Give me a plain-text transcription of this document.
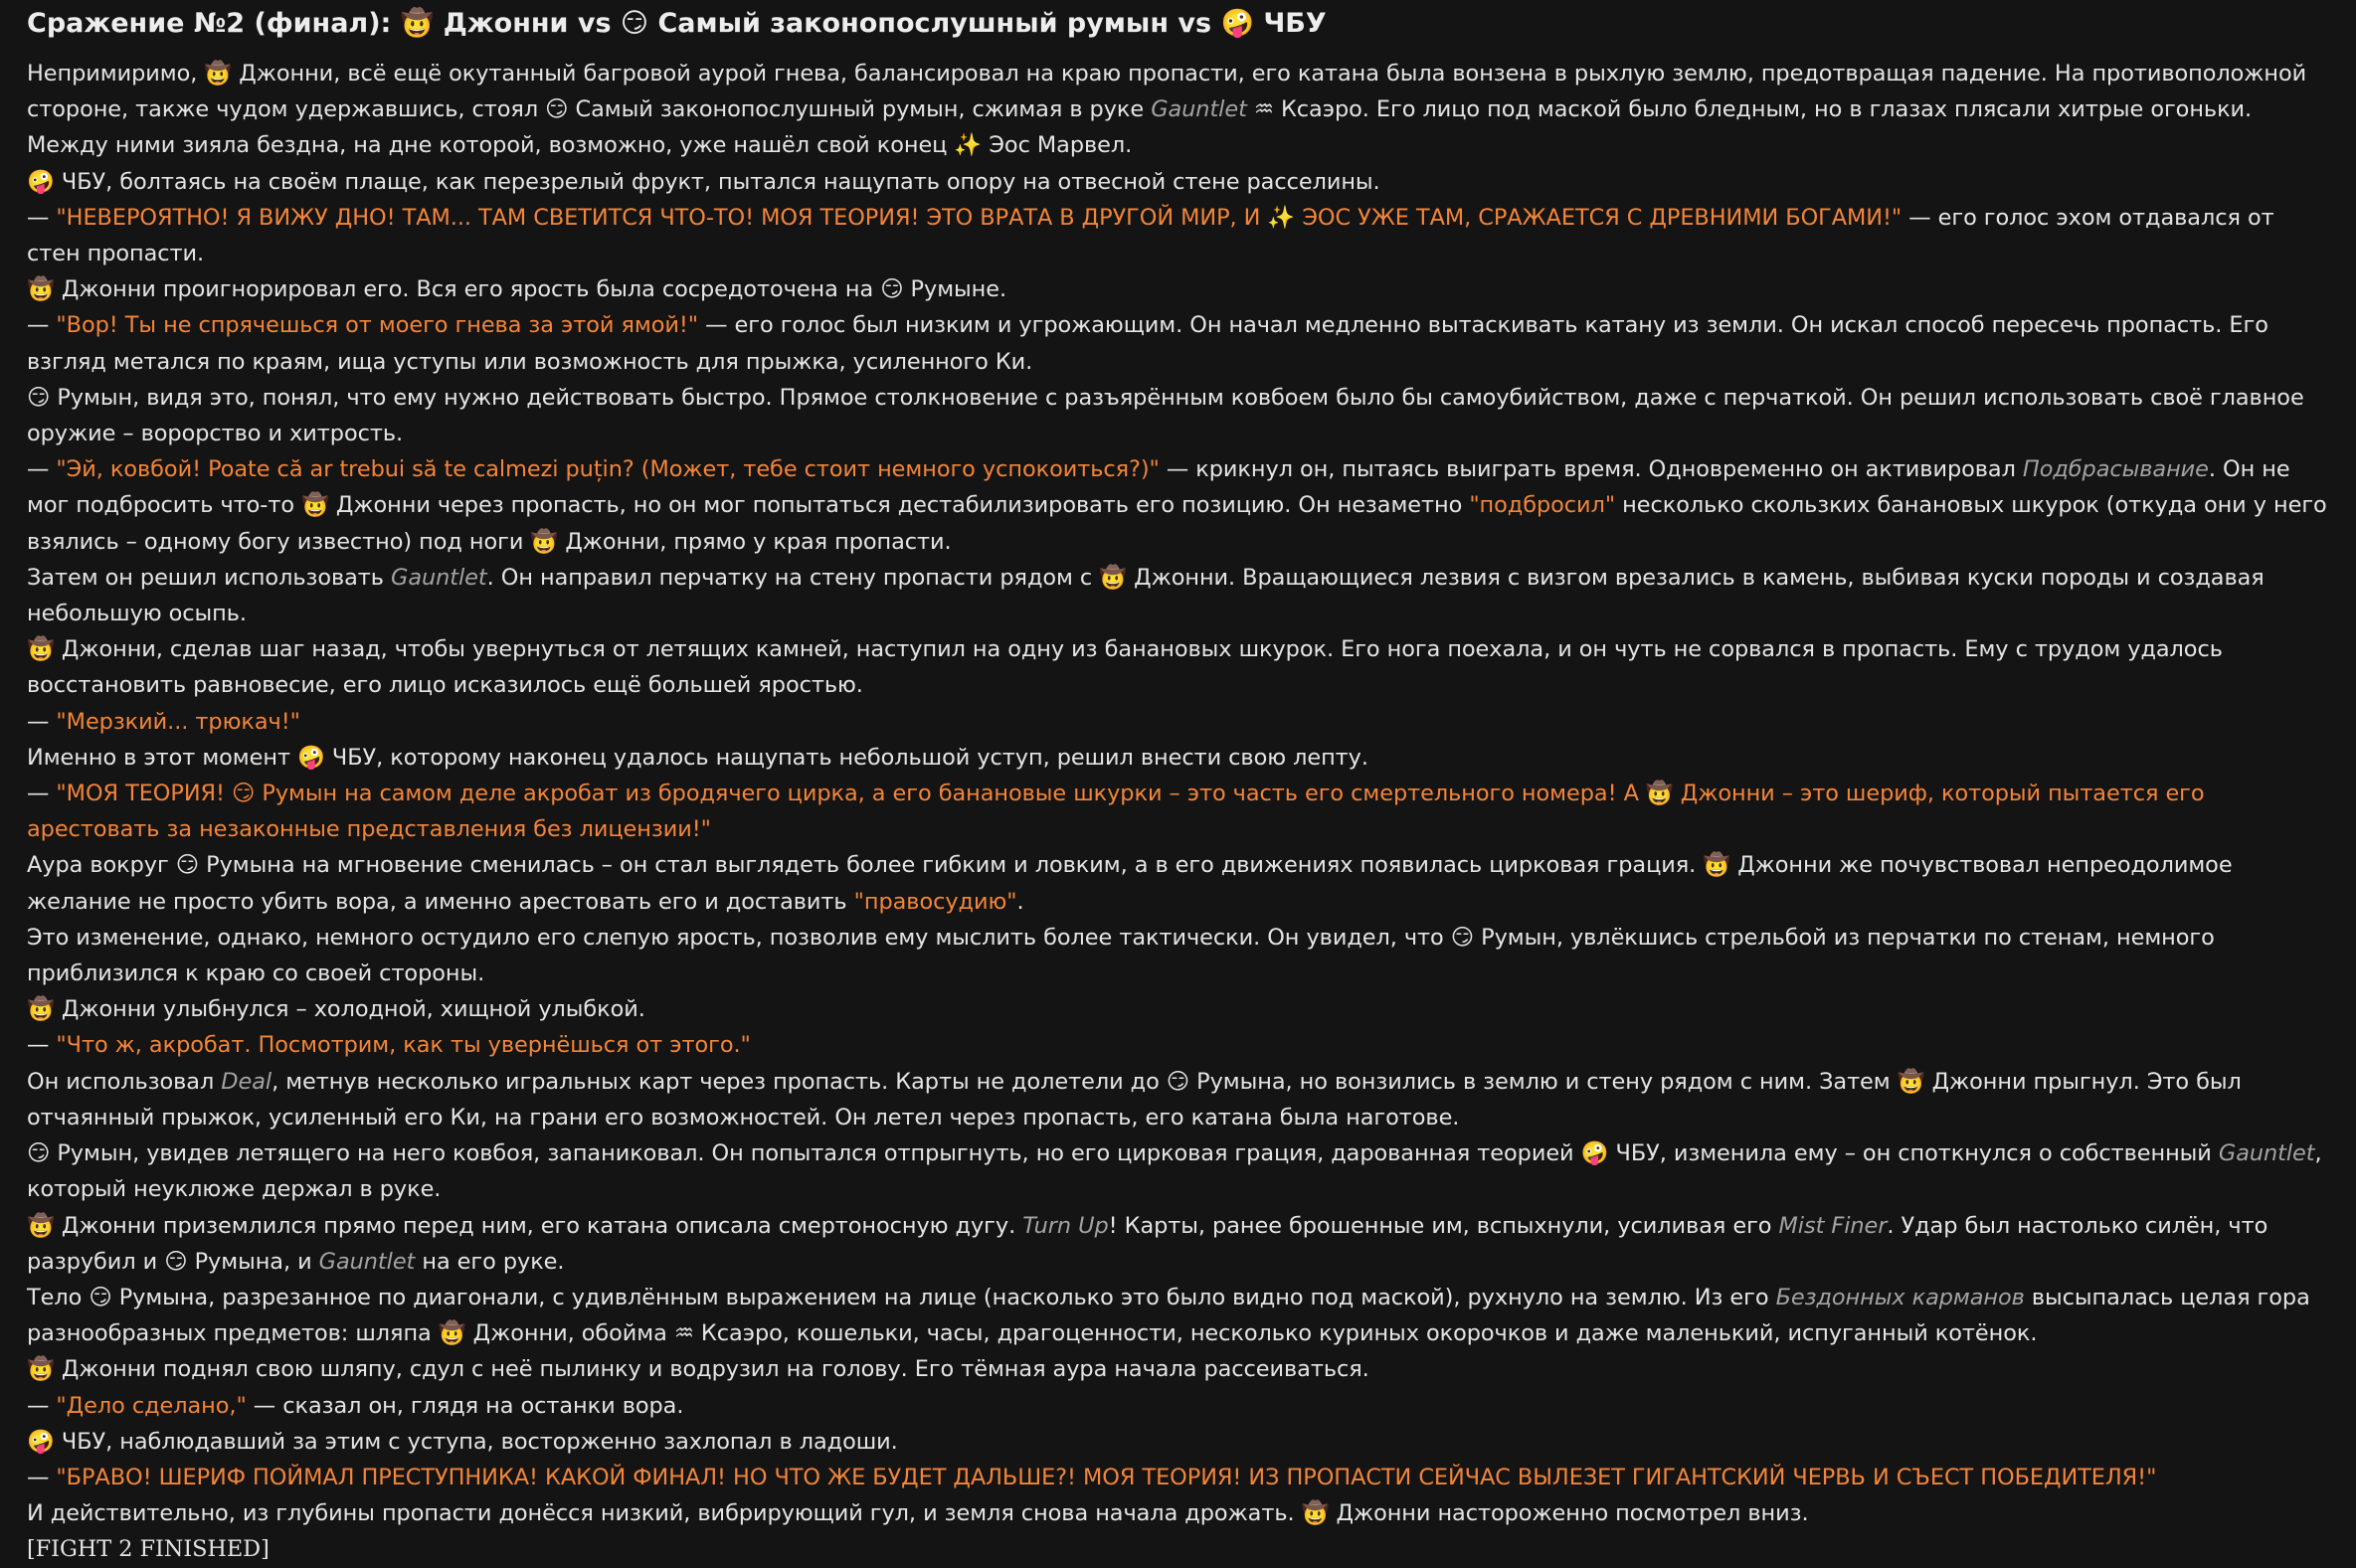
Сражение №2 (финал): 🤠 Джонни vs 😏 Самый законопослушный румын vs 🤪 ЧБУ

Непримиримо, 🤠 Джонни, всё ещё окутанный багровой аурой гнева, балансировал на краю пропасти, его катана была вонзена в рыхлую землю, предотвращая падение. На противоположной стороне, также чудом удержавшись, стоял 😏 Самый законопослушный румын, сжимая в руке Gauntlet ♒ Ксаэро. Его лицо под маской было бледным, но в глазах плясали хитрые огоньки. Между ними зияла бездна, на дне которой, возможно, уже нашёл свой конец ✨ Эос Марвел.

🤪 ЧБУ, болтаясь на своём плаще, как перезрелый фрукт, пытался нащупать опору на отвесной стене расселины.

— "НЕВЕРОЯТНО! Я ВИЖУ ДНО! ТАМ... ТАМ СВЕТИТСЯ ЧТО-ТО! МОЯ ТЕОРИЯ! ЭТО ВРАТА В ДРУГОЙ МИР, И ✨ ЭОС УЖЕ ТАМ, СРАЖАЕТСЯ С ДРЕВНИМИ БОГАМИ!" — его голос эхом отдавался от стен пропасти.

🤠 Джонни проигнорировал его. Вся его ярость была сосредоточена на 😏 Румыне.

— "Вор! Ты не спрячешься от моего гнева за этой ямой!" — его голос был низким и угрожающим. Он начал медленно вытаскивать катану из земли. Он искал способ пересечь пропасть. Его взгляд метался по краям, ища уступы или возможность для прыжка, усиленного Ки.

😏 Румын, видя это, понял, что ему нужно действовать быстро. Прямое столкновение с разъярённым ковбоем было бы самоубийством, даже с перчаткой. Он решил использовать своё главное оружие – ворорство и хитрость.

— "Эй, ковбой! Poate că ar trebui să te calmezi puțin? (Может, тебе стоит немного успокоиться?)" — крикнул он, пытаясь выиграть время. Одновременно он активировал Подбрасывание. Он не мог подбросить что-то 🤠 Джонни через пропасть, но он мог попытаться дестабилизировать его позицию. Он незаметно "подбросил" несколько скользких банановых шкурок (откуда они у него взялись – одному богу известно) под ноги 🤠 Джонни, прямо у края пропасти.

Затем он решил использовать Gauntlet. Он направил перчатку на стену пропасти рядом с 🤠 Джонни. Вращающиеся лезвия с визгом врезались в камень, выбивая куски породы и создавая небольшую осыпь.

🤠 Джонни, сделав шаг назад, чтобы увернуться от летящих камней, наступил на одну из банановых шкурок. Его нога поехала, и он чуть не сорвался в пропасть. Ему с трудом удалось восстановить равновесие, его лицо исказилось ещё большей яростью.

— "Мерзкий... трюкач!"

Именно в этот момент 🤪 ЧБУ, которому наконец удалось нащупать небольшой уступ, решил внести свою лепту.

— "МОЯ ТЕОРИЯ! 😏 Румын на самом деле акробат из бродячего цирка, а его банановые шкурки – это часть его смертельного номера! А 🤠 Джонни – это шериф, который пытается его арестовать за незаконные представления без лицензии!"

Аура вокруг 😏 Румына на мгновение сменилась – он стал выглядеть более гибким и ловким, а в его движениях появилась цирковая грация. 🤠 Джонни же почувствовал непреодолимое желание не просто убить вора, а именно арестовать его и доставить "правосудию".

Это изменение, однако, немного остудило его слепую ярость, позволив ему мыслить более тактически. Он увидел, что 😏 Румын, увлёкшись стрельбой из перчатки по стенам, немного приблизился к краю со своей стороны.

🤠 Джонни улыбнулся – холодной, хищной улыбкой.

— "Что ж, акробат. Посмотрим, как ты увернёшься от этого."

Он использовал Deal, метнув несколько игральных карт через пропасть. Карты не долетели до 😏 Румына, но вонзились в землю и стену рядом с ним. Затем 🤠 Джонни прыгнул. Это был отчаянный прыжок, усиленный его Ки, на грани его возможностей. Он летел через пропасть, его катана была наготове.

😏 Румын, увидев летящего на него ковбоя, запаниковал. Он попытался отпрыгнуть, но его цирковая грация, дарованная теорией 🤪 ЧБУ, изменила ему – он споткнулся о собственный Gauntlet, который неуклюже держал в руке.

🤠 Джонни приземлился прямо перед ним, его катана описала смертоносную дугу. Turn Up! Карты, ранее брошенные им, вспыхнули, усиливая его Mist Finer. Удар был настолько силён, что разрубил и 😏 Румына, и Gauntlet на его руке.

Тело 😏 Румына, разрезанное по диагонали, с удивлённым выражением на лице (насколько это было видно под маской), рухнуло на землю. Из его Бездонных карманов высыпалась целая гора разнообразных предметов: шляпа 🤠 Джонни, обойма ♒ Ксаэро, кошельки, часы, драгоценности, несколько куриных окорочков и даже маленький, испуганный котёнок.

🤠 Джонни поднял свою шляпу, сдул с неё пылинку и водрузил на голову. Его тёмная аура начала рассеиваться.

— "Дело сделано," — сказал он, глядя на останки вора.

🤪 ЧБУ, наблюдавший за этим с уступа, восторженно захлопал в ладоши.

— "БРАВО! ШЕРИФ ПОЙМАЛ ПРЕСТУПНИКА! КАКОЙ ФИНАЛ! НО ЧТО ЖЕ БУДЕТ ДАЛЬШЕ?! МОЯ ТЕОРИЯ! ИЗ ПРОПАСТИ СЕЙЧАС ВЫЛЕЗЕТ ГИГАНТСКИЙ ЧЕРВЬ И СЪЕСТ ПОБЕДИТЕЛЯ!"

И действительно, из глубины пропасти донёсся низкий, вибрирующий гул, и земля снова начала дрожать. 🤠 Джонни настороженно посмотрел вниз.

[FIGHT 2 FINISHED]
